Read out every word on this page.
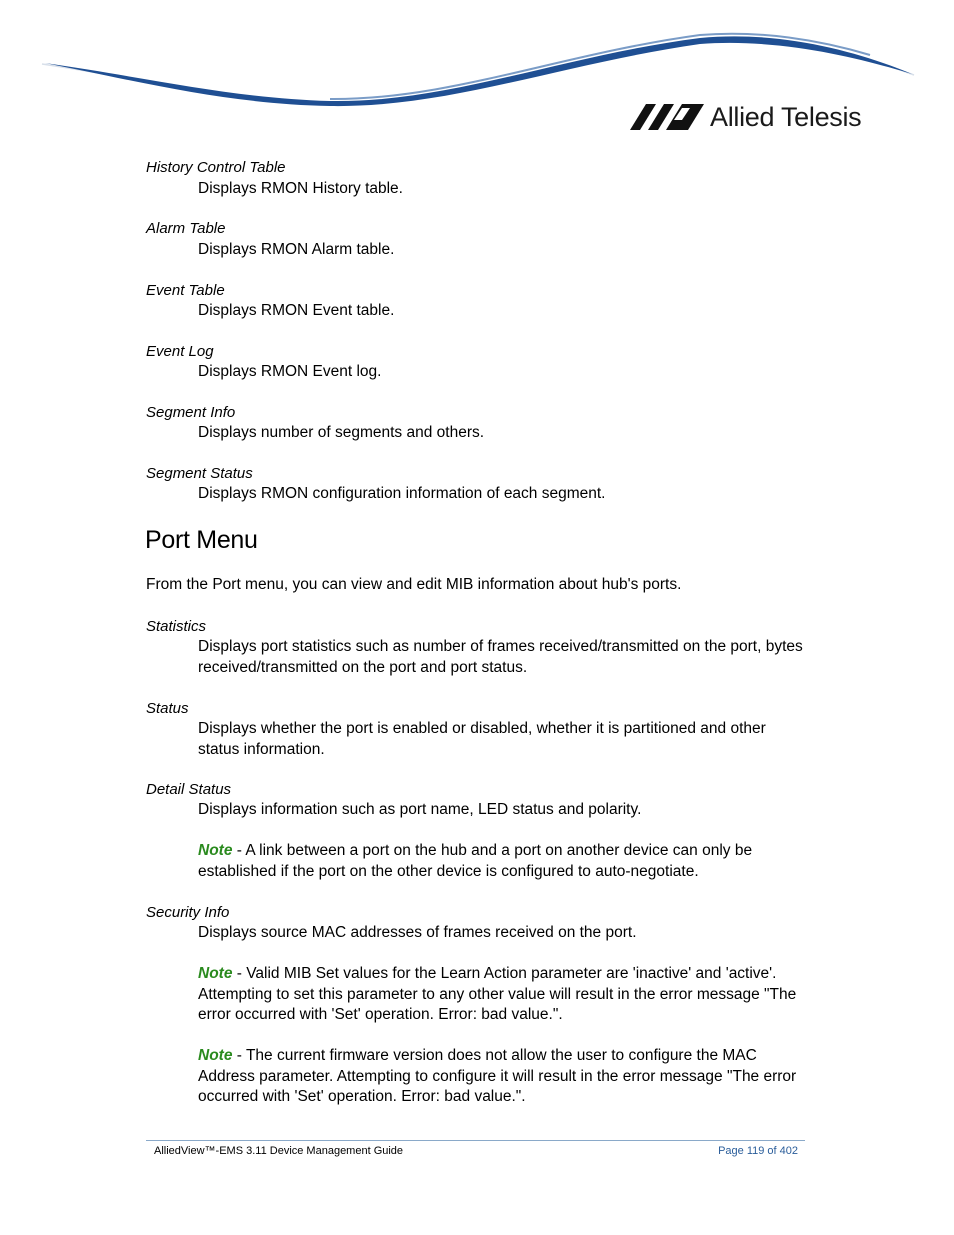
Allied Telesis
History Control Table
Displays RMON History table.
Alarm Table
Displays RMON Alarm table.
Event Table
Displays RMON Event table.
Event Log
Displays RMON Event log.
Segment Info
Displays number of segments and others.
Segment Status
Displays RMON configuration information of each segment.
Port Menu
From the Port menu, you can view and edit MIB information about hub's ports.
Statistics
Displays port statistics such as number of frames received/transmitted on the port, bytes received/transmitted on the port and port status.
Status
Displays whether the port is enabled or disabled, whether it is partitioned and other status information.
Detail Status
Displays information such as port name, LED status and polarity.
Note - A link between a port on the hub and a port on another device can only be established if the port on the other device is configured to auto-negotiate.
Security Info
Displays source MAC addresses of frames received on the port.
Note - Valid MIB Set values for the Learn Action parameter are 'inactive' and 'active'. Attempting to set this parameter to any other value will result in the error message "The error occurred with 'Set' operation. Error: bad value.".
Note - The current firmware version does not allow the user to configure the MAC Address parameter. Attempting to configure it will result in the error message "The error occurred with 'Set' operation. Error: bad value.".
AlliedView™-EMS 3.11 Device Management Guide	Page 119 of 402
